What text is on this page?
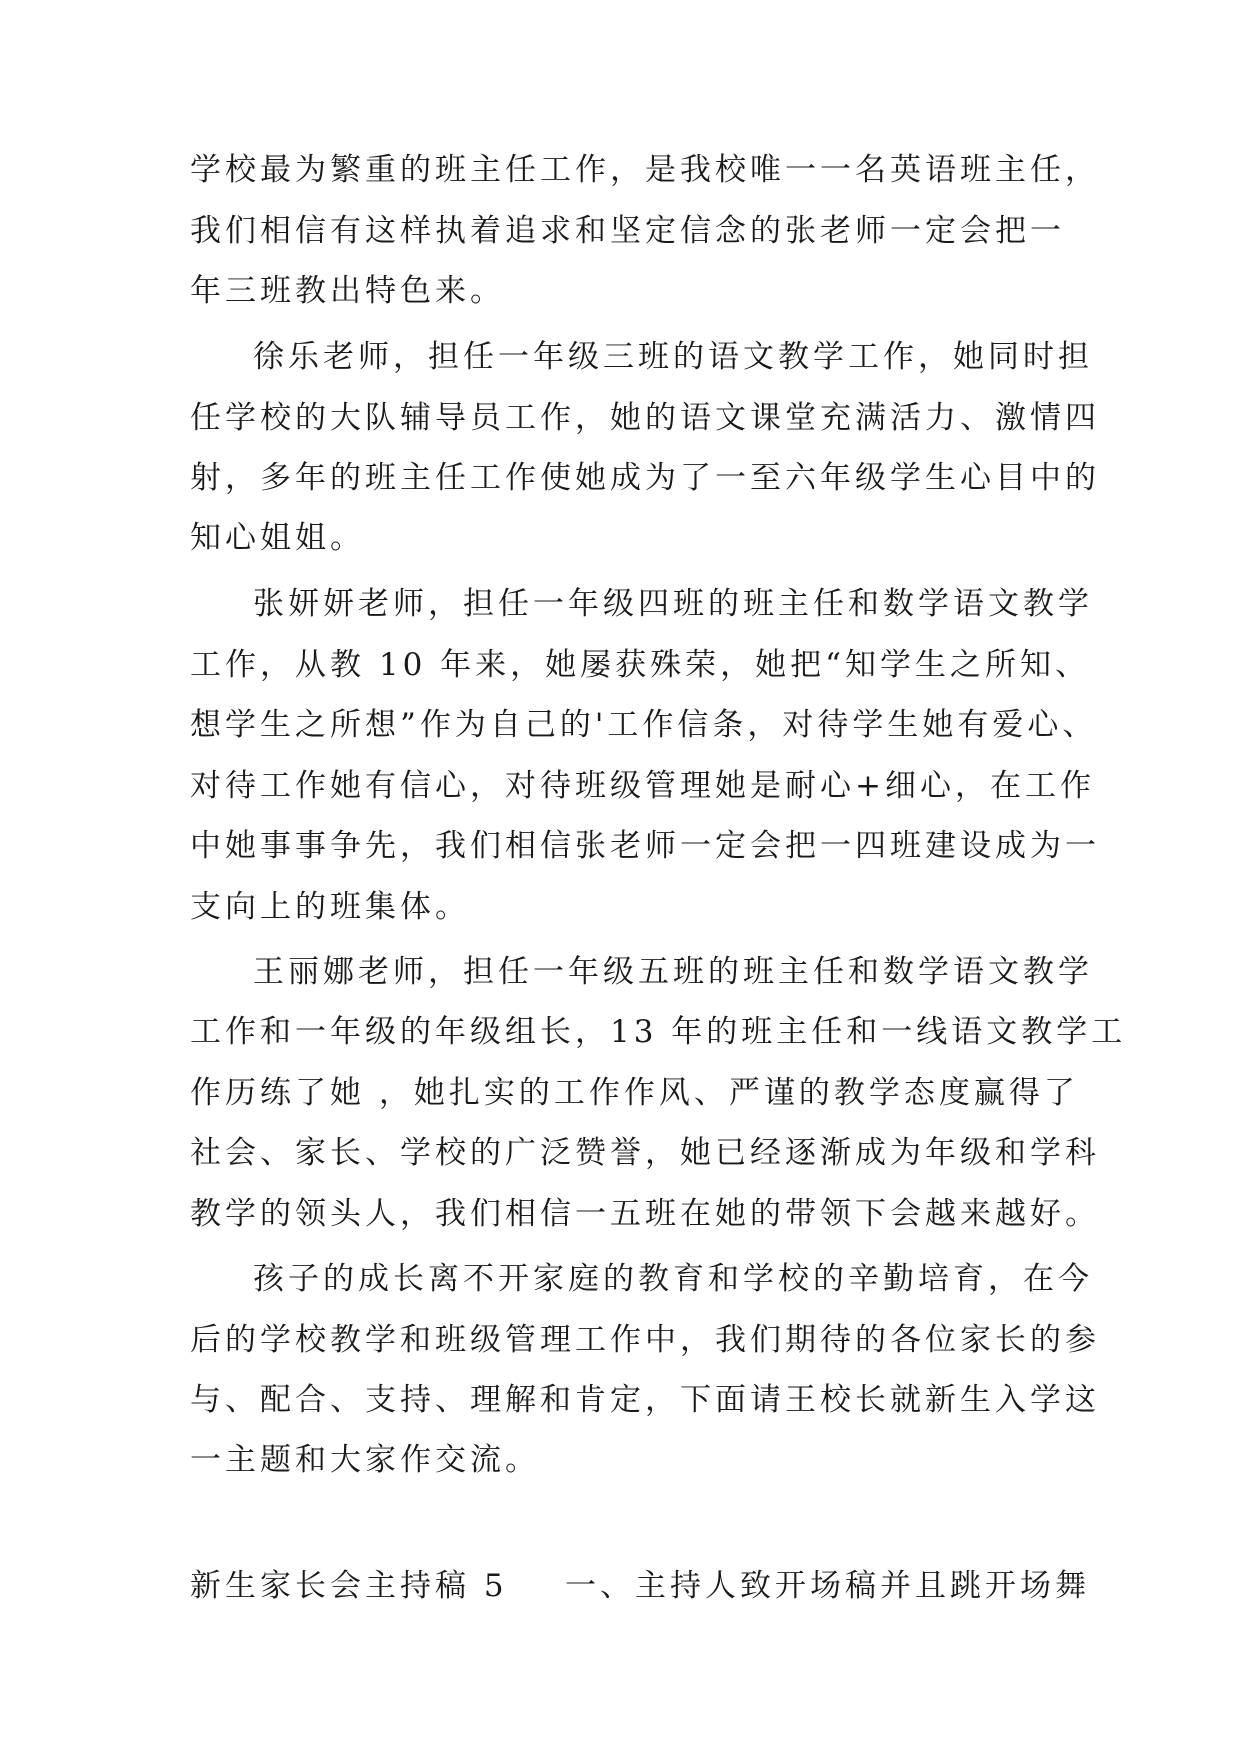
学校最为繁重的班主任工作，是我校唯一一名英语班主任，
我们相信有这样执着追求和坚定信念的张老师一定会把一
年三班教出特色来。
徐乐老师，担任一年级三班的语文教学工作，她同时担
任学校的大队辅导员工作，她的语文课堂充满活力、激情四
射，多年的班主任工作使她成为了一至六年级学生心目中的
知心姐姐。
张妍妍老师，担任一年级四班的班主任和数学语文教学
工作，从教 10 年来，她屡获殊荣，她把“知学生之所知、
想学生之所想”作为自己的'工作信条，对待学生她有爱心、
对待工作她有信心，对待班级管理她是耐心+细心，在工作
中她事事争先，我们相信张老师一定会把一四班建设成为一
支向上的班集体。
王丽娜老师，担任一年级五班的班主任和数学语文教学
工作和一年级的年级组长，13 年的班主任和一线语文教学工
作历练了她 ，她扎实的工作作风、严谨的教学态度赢得了
社会、家长、学校的广泛赞誉，她已经逐渐成为年级和学科
教学的领头人，我们相信一五班在她的带领下会越来越好。
孩子的成长离不开家庭的教育和学校的辛勤培育，在今
后的学校教学和班级管理工作中，我们期待的各位家长的参
与、配合、支持、理解和肯定，下面请王校长就新生入学这
一主题和大家作交流。
新生家长会主持稿 5 一、主持人致开场稿并且跳开场舞
